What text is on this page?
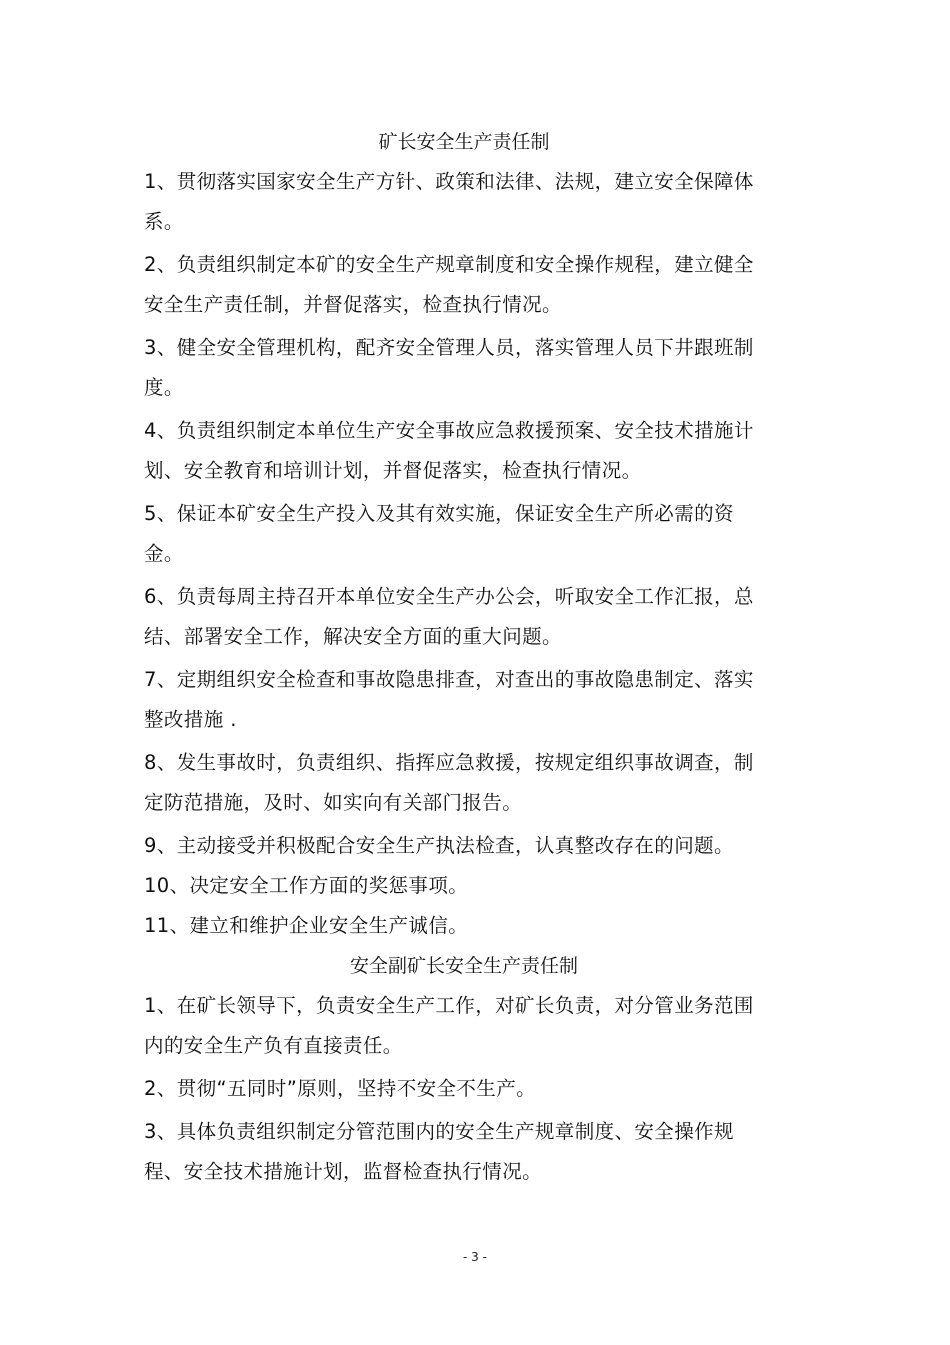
矿长安全生产责任制

1、贯彻落实国家安全生产方针、政策和法律、法规，建立安全保障体系。

2、负责组织制定本矿的安全生产规章制度和安全操作规程，建立健全安全生产责任制，并督促落实，检查执行情况。

3、健全安全管理机构，配齐安全管理人员，落实管理人员下井跟班制度。

4、负责组织制定本单位生产安全事故应急救援预案、安全技术措施计划、安全教育和培训计划，并督促落实，检查执行情况。

5、保证本矿安全生产投入及其有效实施，保证安全生产所必需的资金。

6、负责每周主持召开本单位安全生产办公会，听取安全工作汇报，总结、部署安全工作，解决安全方面的重大问题。

7、定期组织安全检查和事故隐患排查，对查出的事故隐患制定、落实整改措施 .

8、发生事故时，负责组织、指挥应急救援，按规定组织事故调查，制定防范措施，及时、如实向有关部门报告。

9、主动接受并积极配合安全生产执法检查，认真整改存在的问题。

10、决定安全工作方面的奖惩事项。

11、建立和维护企业安全生产诚信。

安全副矿长安全生产责任制

1、在矿长领导下，负责安全生产工作，对矿长负责，对分管业务范围内的安全生产负有直接责任。

2、贯彻“五同时”原则，坚持不安全不生产。

3、具体负责组织制定分管范围内的安全生产规章制度、安全操作规程、安全技术措施计划，监督检查执行情况。

- 3 -
